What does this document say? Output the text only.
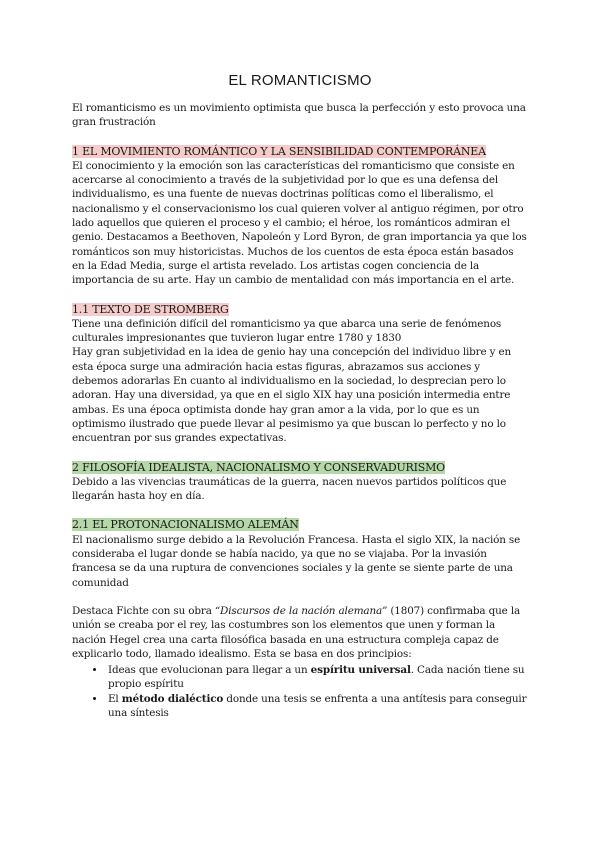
EL ROMANTICISMO

El romanticismo es un movimiento optimista que busca la perfección y esto provoca una gran frustración

1 EL MOVIMIENTO ROMÁNTICO Y LA SENSIBILIDAD CONTEMPORÁNEA

El conocimiento y la emoción son las características del romanticismo que consiste en acercarse al conocimiento a través de la subjetividad por lo que es una defensa del individualismo, es una fuente de nuevas doctrinas políticas como el liberalismo, el nacionalismo y el conservacionismo los cual quieren volver al antiguo régimen, por otro lado aquellos que quieren el proceso y el cambio; el héroe, los románticos admiran el genio. Destacamos a Beethoven, Napoleón y Lord Byron, de gran importancia ya que los románticos son muy historicistas. Muchos de los cuentos de esta época están basados en la Edad Media, surge el artista revelado. Los artistas cogen conciencia de la importancia de su arte. Hay un cambio de mentalidad con más importancia en el arte.

1.1 TEXTO DE STROMBERG

Tiene una definición difícil del romanticismo ya que abarca una serie de fenómenos culturales impresionantes que tuvieron lugar entre 1780 y 1830

Hay gran subjetividad en la idea de genio hay una concepción del individuo libre y en esta época surge una admiración hacia estas figuras, abrazamos sus acciones y debemos adorarlas En cuanto al individualismo en la sociedad, lo desprecian pero lo adoran. Hay una diversidad, ya que en el siglo XIX hay una posición intermedia entre ambas. Es una época optimista donde hay gran amor a la vida, por lo que es un optimismo ilustrado que puede llevar al pesimismo ya que buscan lo perfecto y no lo encuentran por sus grandes expectativas.

2 FILOSOFÍA IDEALISTA, NACIONALISMO Y CONSERVADURISMO

Debido a las vivencias traumáticas de la guerra, nacen nuevos partidos políticos que llegarán hasta hoy en día.

2.1 EL PROTONACIONALISMO ALEMÁN

El nacionalismo surge debido a la Revolución Francesa. Hasta el siglo XIX, la nación se consideraba el lugar donde se había nacido, ya que no se viajaba. Por la invasión francesa se da una ruptura de convenciones sociales y la gente se siente parte de una comunidad

Destaca Fichte con su obra “Discursos de la nación alemana” (1807) confirmaba que la unión se creaba por el rey, las costumbres son los elementos que unen y forman la nación Hegel crea una carta filosófica basada en una estructura compleja capaz de explicarlo todo, llamado idealismo. Esta se basa en dos principios:

• Ideas que evolucionan para llegar a un espíritu universal. Cada nación tiene su propio espíritu
• El método dialéctico donde una tesis se enfrenta a una antítesis para conseguir una síntesis
